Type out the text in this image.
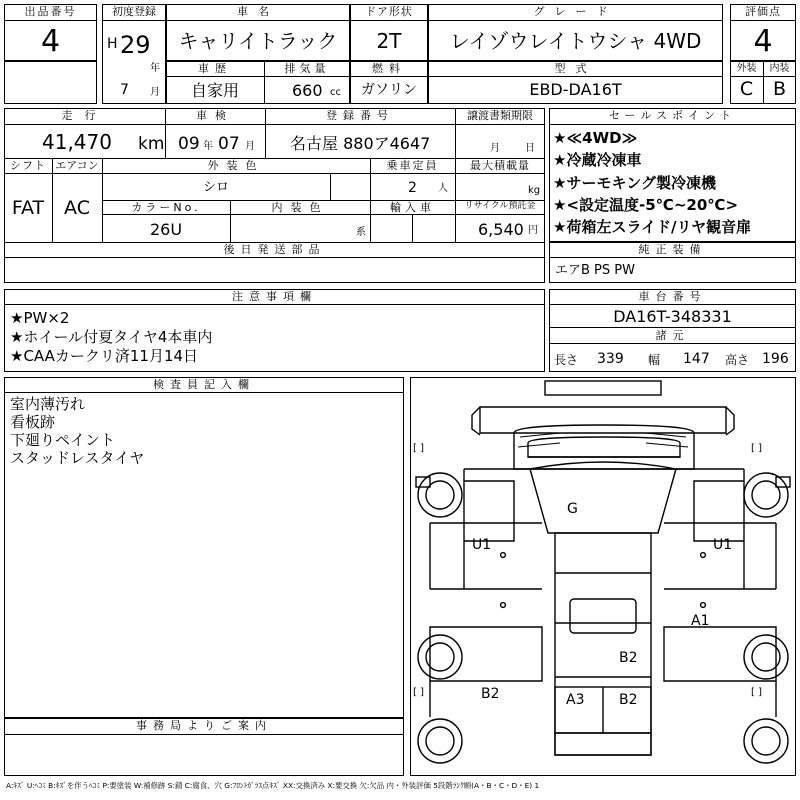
出品番号
4
初度登録
H 29
年
7 月
車名
キャリイトラック
車歴
自家用
排気量
660 cc
ドア形状
2T
燃料
ガソリン
グレード
レイゾウレイトウシャ 4WD
型式
EBD-DA16T
評価点
4
外装	内装
C	B
走行
41,470 km
車検
09 年 07 月
登録番号
名古屋 880ア4647
譲渡書類期限
月	日
シフト
FAT
エアコン
AC
外装色
シロ
乗車定員
2 人
最大積載量
kg
カラーNo.
26U
内装色
系
輸入車	リサイクル預託金
6,540 円
後日発送部品
セールスポイント
★≪4WD≫
★冷蔵冷凍車
★サーモキング製冷凍機
★<設定温度-5℃~20℃>
★荷箱左スライド/リヤ観音扉
純正装備
エアB PS PW
注意事項欄
★PW×2
★ホイール付夏タイヤ4本車内
★CAAカークリ済11月14日
車台番号
DA16T-348331
諸元
長さ 339 幅 147 高さ 196
検査員記入欄
室内薄汚れ
看板跡
下廻りペイント
スタッドレスタイヤ
事務局よりご案内
G
U1	U1
A1
B2
B2	A3 B2
[ ]	[ ]
[ ]	[ ]
A:ｷｽﾞ U:ﾍｺﾐ B:ｷｽﾞを伴うﾍｺﾐ P:要塗装 W:補修跡 S:錆 C:腐食、穴 G:ﾌﾛﾝﾄｶﾞﾗｽ点ｷｽﾞ XX:交換済み X:要交換 欠:欠品 内・外装評価 5段階ﾗﾝｸ順(A・B・C・D・E) 1
